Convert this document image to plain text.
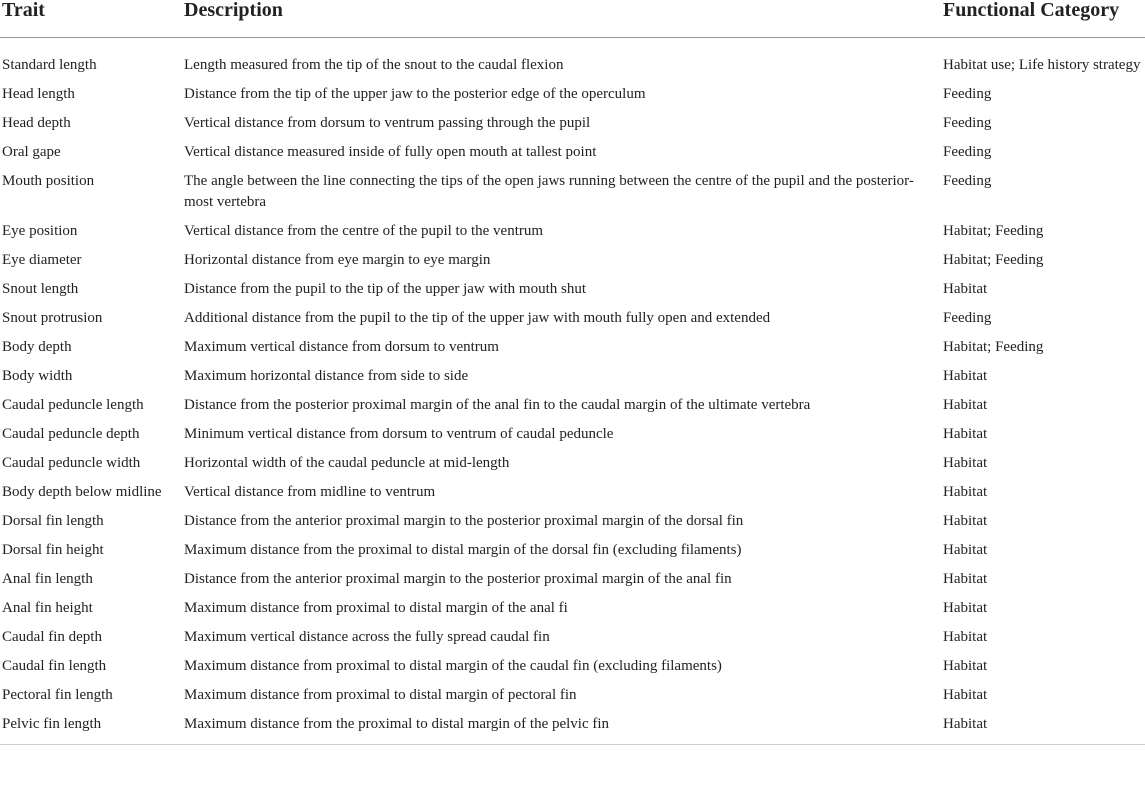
Trait	Description	Functional Category
Standard length	Length measured from the tip of the snout to the caudal flexion	Habitat use; Life history strategy
Head length	Distance from the tip of the upper jaw to the posterior edge of the operculum	Feeding
Head depth	Vertical distance from dorsum to ventrum passing through the pupil	Feeding
Oral gape	Vertical distance measured inside of fully open mouth at tallest point	Feeding
Mouth position	The angle between the line connecting the tips of the open jaws running between the centre of the pupil and the posterior-most vertebra	Feeding
Eye position	Vertical distance from the centre of the pupil to the ventrum	Habitat; Feeding
Eye diameter	Horizontal distance from eye margin to eye margin	Habitat; Feeding
Snout length	Distance from the pupil to the tip of the upper jaw with mouth shut	Habitat
Snout protrusion	Additional distance from the pupil to the tip of the upper jaw with mouth fully open and extended	Feeding
Body depth	Maximum vertical distance from dorsum to ventrum	Habitat; Feeding
Body width	Maximum horizontal distance from side to side	Habitat
Caudal peduncle length	Distance from the posterior proximal margin of the anal fin to the caudal margin of the ultimate vertebra	Habitat
Caudal peduncle depth	Minimum vertical distance from dorsum to ventrum of caudal peduncle	Habitat
Caudal peduncle width	Horizontal width of the caudal peduncle at mid-length	Habitat
Body depth below midline	Vertical distance from midline to ventrum	Habitat
Dorsal fin length	Distance from the anterior proximal margin to the posterior proximal margin of the dorsal fin	Habitat
Dorsal fin height	Maximum distance from the proximal to distal margin of the dorsal fin (excluding filaments)	Habitat
Anal fin length	Distance from the anterior proximal margin to the posterior proximal margin of the anal fin	Habitat
Anal fin height	Maximum distance from proximal to distal margin of the anal fi	Habitat
Caudal fin depth	Maximum vertical distance across the fully spread caudal fin	Habitat
Caudal fin length	Maximum distance from proximal to distal margin of the caudal fin (excluding filaments)	Habitat
Pectoral fin length	Maximum distance from proximal to distal margin of pectoral fin	Habitat
Pelvic fin length	Maximum distance from the proximal to distal margin of the pelvic fin	Habitat
